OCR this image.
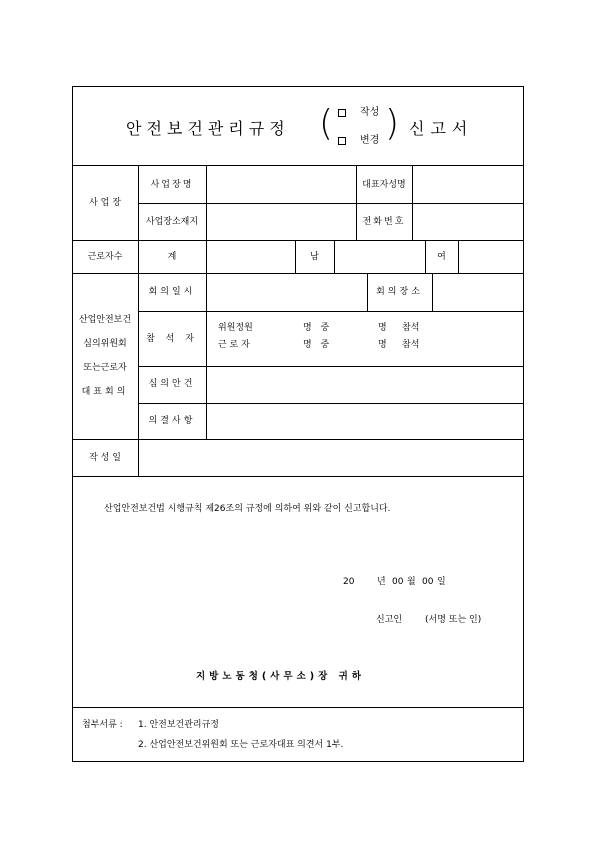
안전보건관리규정 (	작성
변경 ) 신고서
사 업 장
사업장명	대표자성명
사업장소재지	전화번호
근로자수	계	남	여
산업안전보건
심의위원회
또는근로자
대표회의
회의일시	회의장소
참 석 자
위원정원	명 중	명 참석
근 로 자	명 중	명 참석
심의안건
의결사항
작 성 일
산업안전보건법 시행규칙 제26조의 규정에 의하여 위와 같이 신고합니다.
20	년 00 월 00 일
신고인	(서명 또는 인)
지방노동청(사무소)장 귀하
첨부서류 : 1. 안전보건관리규정
2. 산업안전보건위원회 또는 근로자대표 의견서 1부.
